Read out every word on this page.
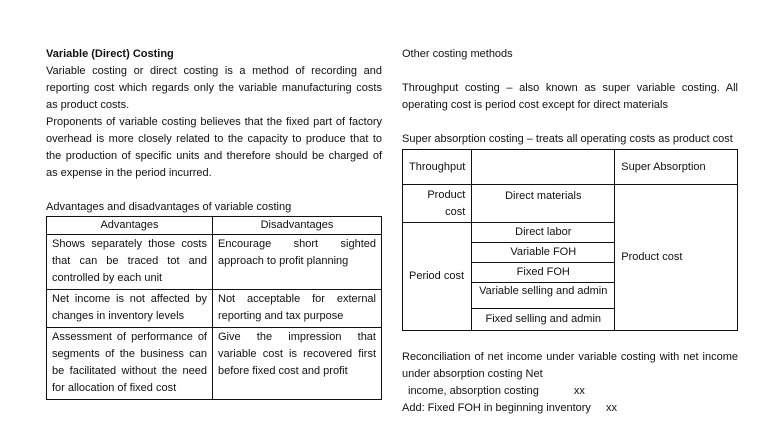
Variable (Direct) Costing

Variable costing or direct costing is a method of recording and reporting cost which regards only the variable manufacturing costs as product costs.

Proponents of variable costing believes that the fixed part of factory overhead is more closely related to the capacity to produce that to the production of specific units and therefore should be charged of as expense in the period incurred.

Advantages and disadvantages of variable costing

Advantages	Disadvantages
Shows separately those costs that can be traced tot and controlled by each unit	Encourage short sighted approach to profit planning
Net income is not affected by changes in inventory levels	Not acceptable for external reporting and tax purpose
Assessment of performance of segments of the business can be facilitated without the need for allocation of fixed cost	Give the impression that variable cost is recovered first before fixed cost and profit

Other costing methods

Throughput costing – also known as super variable costing. All operating cost is period cost except for direct materials

Super absorption costing – treats all operating costs as product cost

Throughput		Super Absorption
Product cost	Direct materials	Product cost
Period cost	Direct labor	
	Variable FOH	
	Fixed FOH	
	Variable selling and admin	
	Fixed selling and admin	

Reconciliation of net income under variable costing with net income under absorption costing Net

income, absorption costing	xx

Add: Fixed FOH in beginning inventory xx
